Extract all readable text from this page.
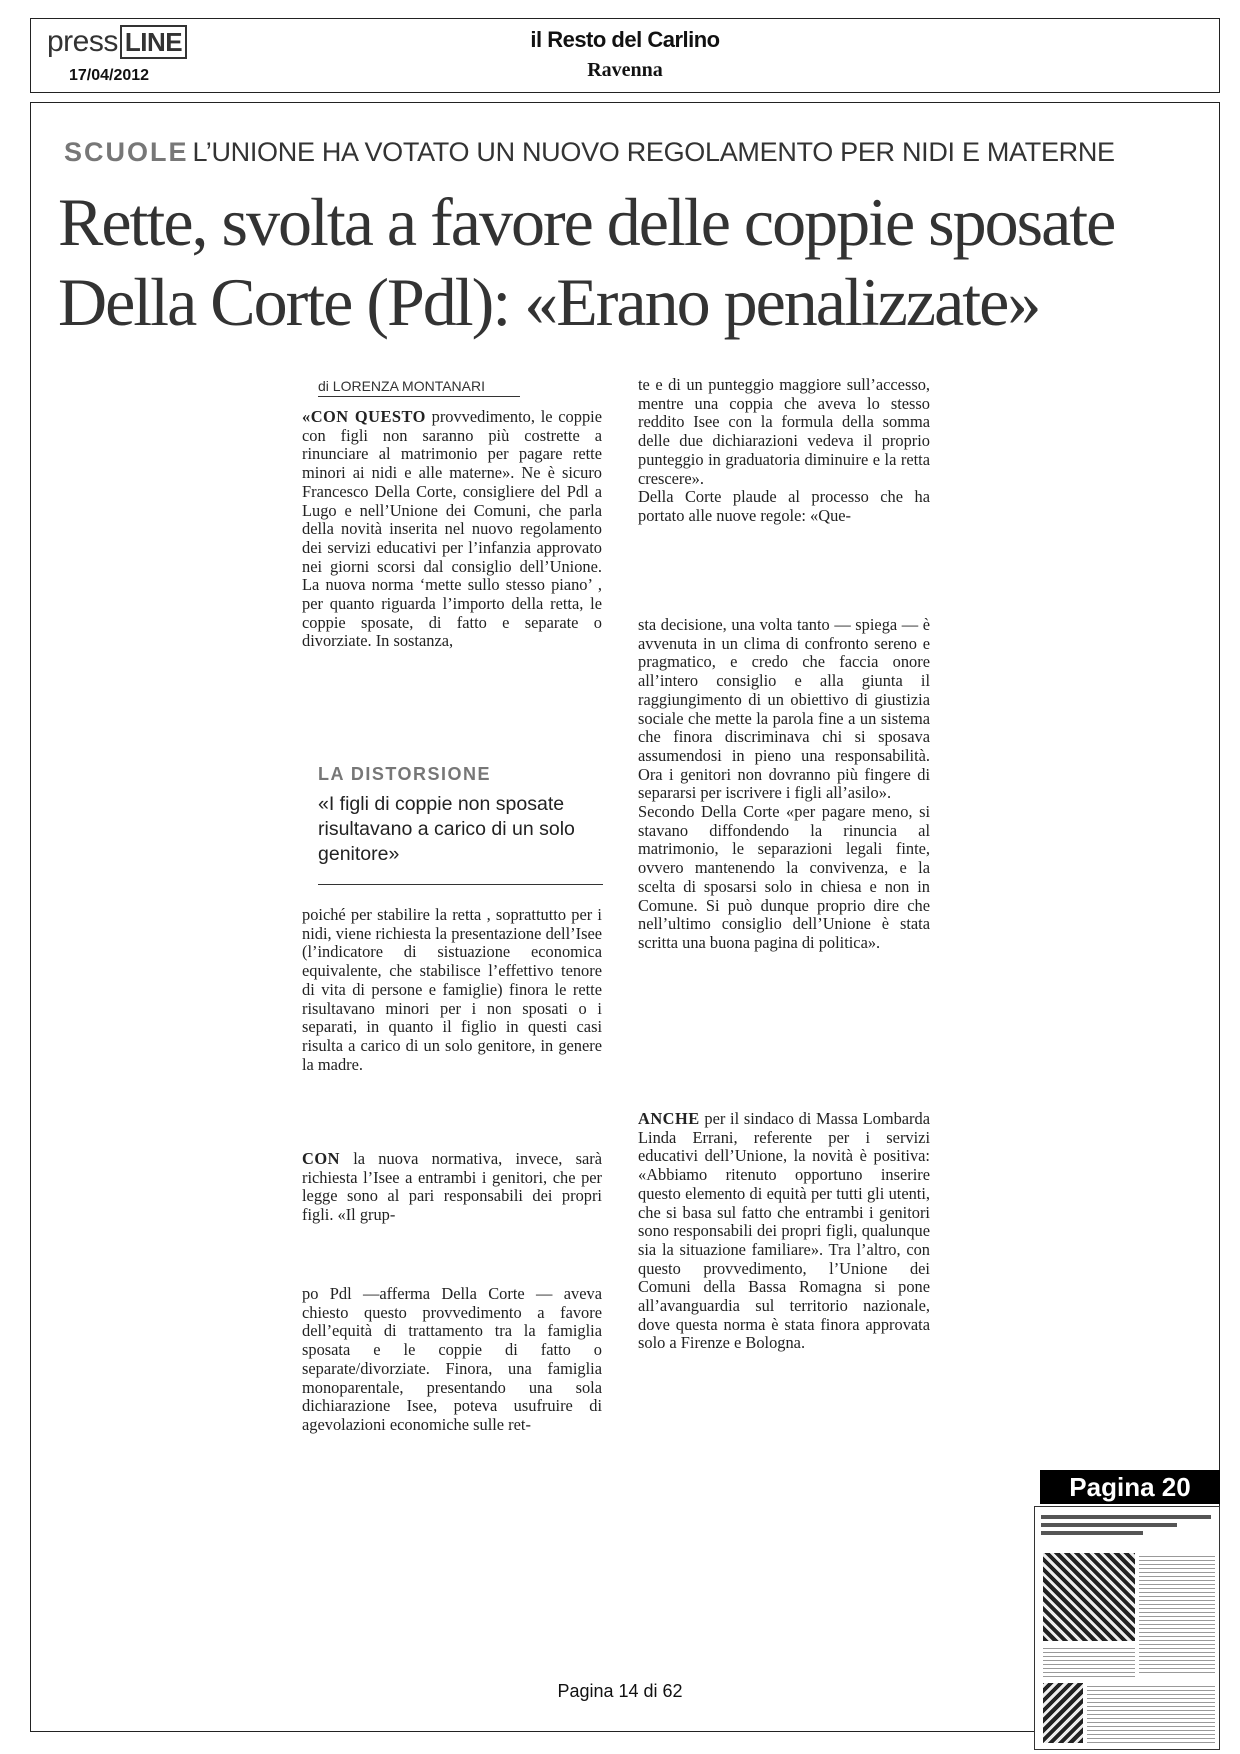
press LINE
17/04/2012
il Resto del Carlino
Ravenna
SCUOLE L’UNIONE HA VOTATO UN NUOVO REGOLAMENTO PER NIDI E MATERNE
Rette, svolta a favore delle coppie sposate
Della Corte (Pdl): «Erano penalizzate»
di LORENZA MONTANARI

«CON QUESTO provvedimento, le coppie con figli non saranno più costrette a rinunciare al matrimonio per pagare rette minori ai nidi e alle materne». Ne è sicuro Francesco Della Corte, consigliere del Pdl a Lugo e nell’Unione dei Comuni, che parla della novità inserita nel nuovo regolamento dei servizi educativi per l’infanzia approvato nei giorni scorsi dal consiglio dell’Unione. La nuova norma ‘mette sullo stesso piano’ , per quanto riguarda l’importo della retta, le coppie sposate, di fatto e separate o divorziate. In sostanza,

LA DISTORSIONE
«I figli di coppie non sposate risultavano a carico di un solo genitore»

poiché per stabilire la retta , soprattutto per i nidi, viene richiesta la presentazione dell’Isee (l’indicatore di sistuazione economica equivalente, che stabilisce l’effettivo tenore di vita di persone e famiglie) finora le rette risultavano minori per i non sposati o i separati, in quanto il figlio in questi casi risulta a carico di un solo genitore, in genere la madre.

CON la nuova normativa, invece, sarà richiesta l’Isee a entrambi i genitori, che per legge sono al pari responsabili dei propri figli. «Il grup-

po Pdl —afferma Della Corte — aveva chiesto questo provvedimento a favore dell’equità di trattamento tra la famiglia sposata e le coppie di fatto o separate/divorziate. Finora, una famiglia monoparentale, presentando una sola dichiarazione Isee, poteva usufruire di agevolazioni economiche sulle ret-

te e di un punteggio maggiore sull’accesso, mentre una coppia che aveva lo stesso reddito Isee con la formula della somma delle due dichiarazioni vedeva il proprio punteggio in graduatoria diminuire e la retta crescere».

Della Corte plaude al processo che ha portato alle nuove regole: «Que-

sta decisione, una volta tanto — spiega — è avvenuta in un clima di confronto sereno e pragmatico, e credo che faccia onore all’intero consiglio e alla giunta il raggiungimento di un obiettivo di giustizia sociale che mette la parola fine a un sistema che finora discriminava chi si sposava assumendosi in pieno una responsabilità. Ora i genitori non dovranno più fingere di separarsi per iscrivere i figli all’asilo».

Secondo Della Corte «per pagare meno, si stavano diffondendo la rinuncia al matrimonio, le separazioni legali finte, ovvero mantenendo la convivenza, e la scelta di sposarsi solo in chiesa e non in Comune. Si può dunque proprio dire che nell’ultimo consiglio dell’Unione è stata scritta una buona pagina di politica».

ANCHE per il sindaco di Massa Lombarda Linda Errani, referente per i servizi educativi dell’Unione, la novità è positiva: «Abbiamo ritenuto opportuno inserire questo elemento di equità per tutti gli utenti, che si basa sul fatto che entrambi i genitori sono responsabili dei propri figli, qualunque sia la situazione familiare». Tra l’altro, con questo provvedimento, l’Unione dei Comuni della Bassa Romagna si pone all’avanguardia sul territorio nazionale, dove questa norma è stata finora approvata solo a Firenze e Bologna.

Pagina 20
Pagina 14 di 62
